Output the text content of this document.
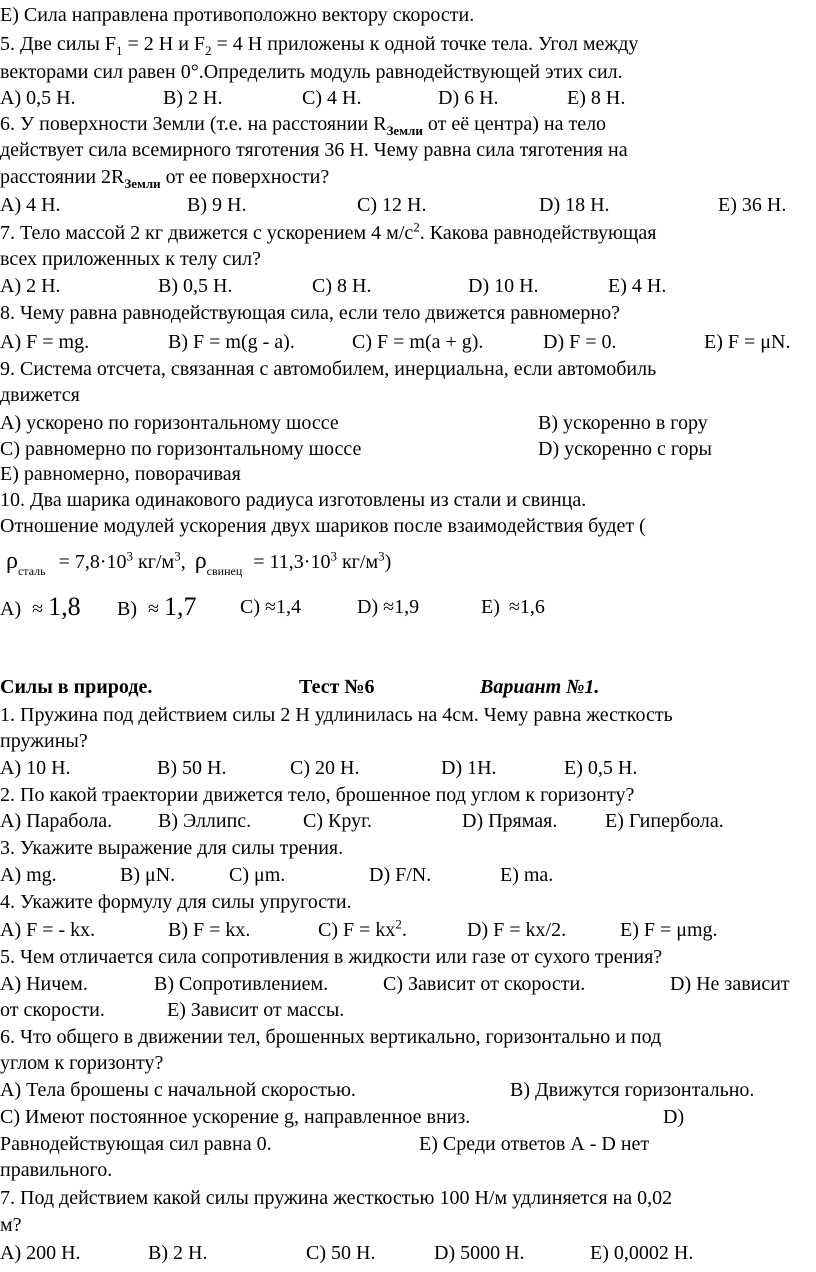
E) Сила направлена противоположно вектору скорости.
5. Две силы $F_1 = 2$ Н и $F_2 = 4$ Н приложены к одной точке тела. Угол между
векторами сил равен 0°.Определить модуль равнодействующей этих сил.
А) 0,5 Н.	В) 2 Н.	С) 4 Н.	D) 6 Н.	Е) 8 Н.
6. У поверхности Земли (т.е. на расстоянии $R_{Земли}$ от её центра) на тело
действует сила всемирного тяготения 36 Н. Чему равна сила тяготения на
расстоянии $2R_{Земли}$ от ее поверхности?
А) 4 Н.	В) 9 Н.	С) 12 Н.	D) 18 Н.	Е) 36 Н.
7. Тело массой 2 кг движется с ускорением 4 $м/с^2$. Какова равнодействующая
всех приложенных к телу сил?
А) 2 Н.	В) 0,5 Н.	С) 8 Н.	D) 10 Н.	Е) 4 Н.
8. Чему равна равнодействующая сила, если тело движется равномерно?
А) F = mg.	В) F = m(g - a).	С) F = m(a + g).	D) F = 0.	Е) F = μN.
9. Система отсчета, связанная с автомобилем, инерциальна, если автомобиль
движется
А) ускорено по горизонтальному шоссе	В) ускоренно в гору
С) равномерно по горизонтальному шоссе	D) ускоренно с горы
Е) равномерно, поворачивая
10. Два шарика одинакового радиуса изготовлены из стали и свинца.
Отношение модулей ускорения двух шариков после взаимодействия будет (
$\rho_{сталь} = 7,8\cdot 10^3$ $кг/м^3$, $\rho_{свинец} = 11,3\cdot 10^3$ $кг/м^3$)
А) ≈ 1,8 В) ≈ 1,7 С) ≈1,4	D) ≈1,9	Е) ≈1,6
Силы в природе.	Тест №6	Вариант №1.
1. Пружина под действием силы 2 Н удлинилась на 4см. Чему равна жесткость
пружины?
А) 10 Н.	В) 50 Н.	С) 20 Н.	D) 1Н.	Е) 0,5 Н.
2. По какой траектории движется тело, брошенное под углом к горизонту?
А) Парабола. В) Эллипс.	С) Круг.	D) Прямая. Е) Гипербола.
3. Укажите выражение для силы трения.
А) mg.	В) μN.	С) μm.	D) F/N.	Е) ma.
4. Укажите формулу для силы упругости.
А) F = - kx.	В) F = kx.	С) $F = kx^2$.	D) F = kx/2.	Е) F = μmg.
5. Чем отличается сила сопротивления в жидкости или газе от сухого трения?
А) Ничем.	В) Сопротивлением.	С) Зависит от скорости.	D) Не зависит
от скорости.	Е) Зависит от массы.
6. Что общего в движении тел, брошенных вертикально, горизонтально и под
углом к горизонту?
А) Тела брошены с начальной скоростью.	В) Движутся горизонтально.
С) Имеют постоянное ускорение g, направленное вниз.	D)
Равнодействующая сил равна 0.	Е) Среди ответов А - D нет
правильного.
7. Под действием какой силы пружина жесткостью 100 Н/м удлиняется на 0,02
м?
А) 200 Н.	В) 2 Н.	С) 50 Н.	D) 5000 Н.	Е) 0,0002 Н.
